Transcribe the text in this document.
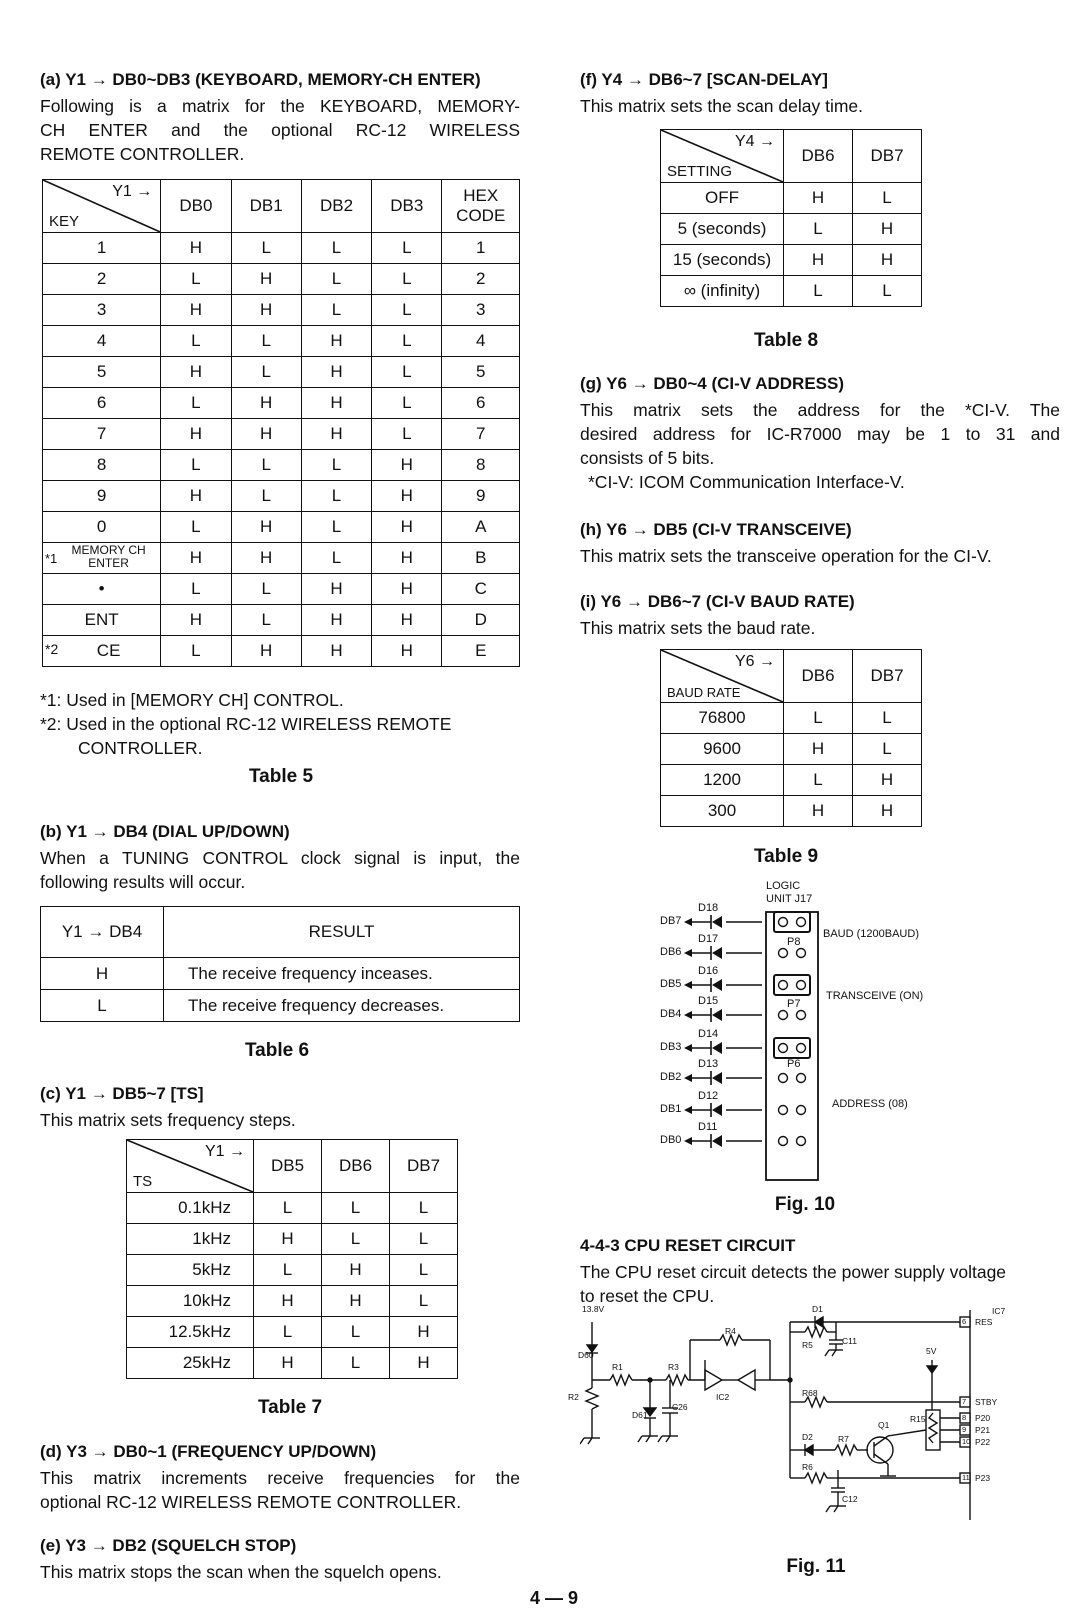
(a) Y1 → DB0~DB3 (KEYBOARD, MEMORY-CH ENTER)
Following is a matrix for the KEYBOARD, MEMORY-
CH ENTER and the optional RC-12 WIRELESS
REMOTE CONTROLLER.
Y1 →
KEY	DB0	DB1	DB2	DB3	HEX CODE
1	H	L	L	L	1
2	L	H	L	L	2
3	H	H	L	L	3
4	L	L	H	L	4
5	H	L	H	L	5
6	L	H	H	L	6
7	H	H	H	L	7
8	L	L	L	H	8
9	H	L	L	H	9
0	L	H	L	H	A

*1
MEMORY CH ENTER	H	H	L	H	B
•	L	L	H	H	C
ENT	H	L	H	H	D

*2 CE	L	H	H	H	E
*1: Used in [MEMORY CH] CONTROL.
*2: Used in the optional RC-12 WIRELESS REMOTE
CONTROLLER.
Table 5
(b) Y1 → DB4 (DIAL UP/DOWN)
When a TUNING CONTROL clock signal is input, the
following results will occur.
Y1 → DB4	RESULT
H	The receive frequency inceases.
L	The receive frequency decreases.
Table 6
(c) Y1 → DB5~7 [TS]
This matrix sets frequency steps.
Y1 →
TS	DB5	DB6	DB7
0.1kHz	L	L	L
1kHz	H	L	L
5kHz	L	H	L
10kHz	H	H	L
12.5kHz	L	L	H
25kHz	H	L	H
Table 7
(d) Y3 → DB0~1 (FREQUENCY UP/DOWN)
This matrix increments receive frequencies for the
optional RC-12 WIRELESS REMOTE CONTROLLER.
(e) Y3 → DB2 (SQUELCH STOP)
This matrix stops the scan when the squelch opens.
4 — 9
(f) Y4 → DB6~7 [SCAN-DELAY]
This matrix sets the scan delay time.
Y4 →
SETTING	DB6	DB7
OFF	H	L
5 (seconds)	L	H
15 (seconds)	H	H
∞ (infinity)	L	L
Table 8
(g) Y6 → DB0~4 (CI-V ADDRESS)
This matrix sets the address for the *CI-V. The
desired address for IC-R7000 may be 1 to 31 and
consists of 5 bits.
*CI-V: ICOM Communication Interface-V.
(h) Y6 → DB5 (CI-V TRANSCEIVE)
This matrix sets the transceive operation for the CI-V.
(i) Y6 → DB6~7 (CI-V BAUD RATE)
This matrix sets the baud rate.
Y6 →
BAUD RATE	DB6	DB7
76800	L	L
9600	H	L
1200	L	H
300	H	H
Table 9
LOGIC
UNIT J17
DB7
D18
DB6
D17
DB5
D16
DB4
D15
DB3
D14
DB2
D13
DB1
D12
DB0
D11
P8
P7
P6
BAUD (1200BAUD)
TRANSCEIVE (ON)
ADDRESS (08)
Fig. 10
4-4-3 CPU RESET CIRCUIT
The CPU reset circuit detects the power supply voltage
to reset the CPU.
13.8V
D60
R1
R2
R3
D61
C26
R4
IC2
D1
R5	C11
R68
D2	R7
Q1
R6
C12
R15
5V
IC7
6 RES
7 STBY
8 P20
9 P21
10 P22
11 P23
Fig. 11
